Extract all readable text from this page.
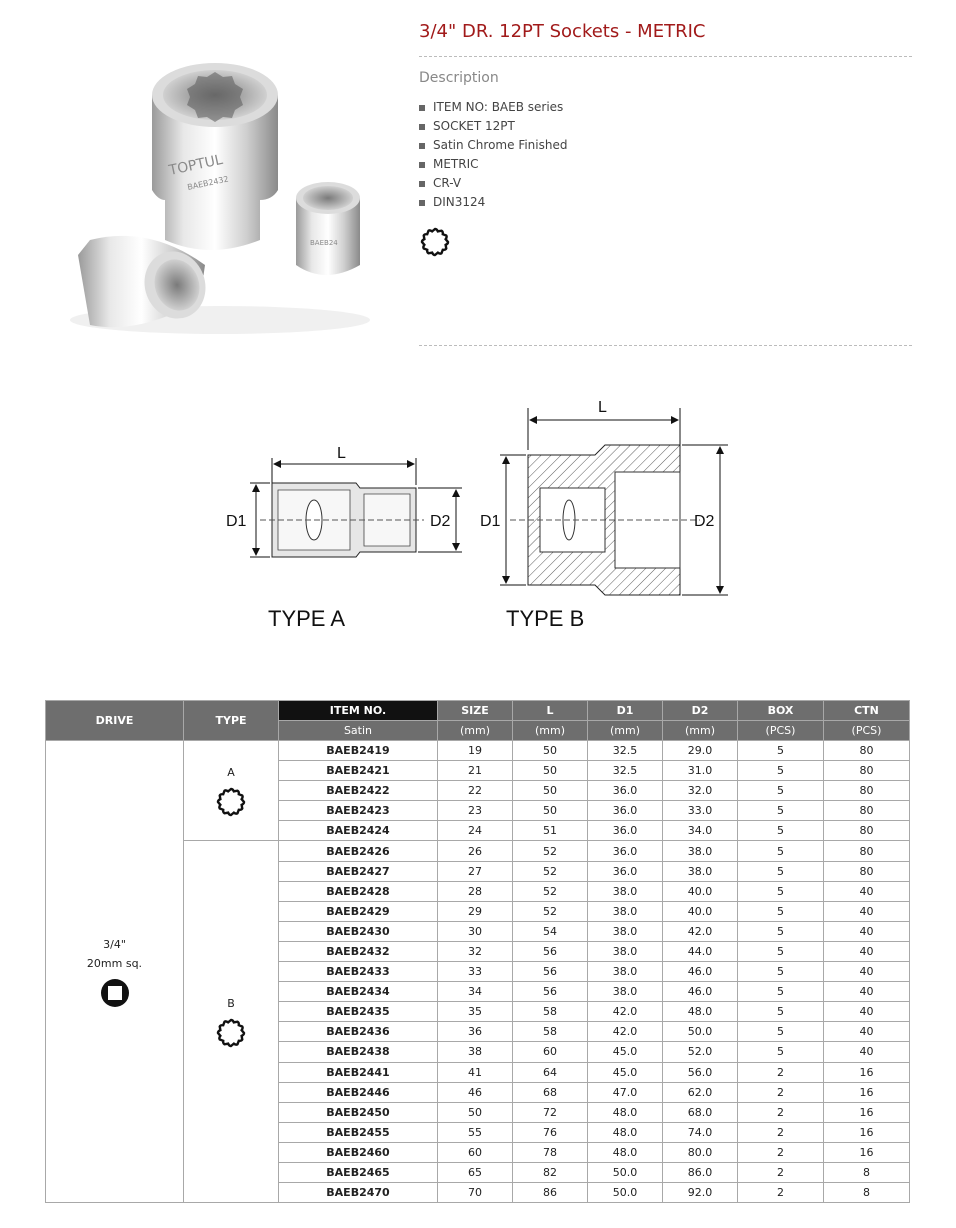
TOPTUL
BAEB2432
BAEB24
3/4" DR. 12PT Sockets - METRIC
Description
ITEM NO: BAEB series
SOCKET 12PT
Satin Chrome Finished
METRIC
CR-V
DIN3124
L
D1	D2
TYPE A
L
D1	D2
TYPE B
DRIVE	TYPE	ITEM NO.	SIZE	L	D1	D2	BOX	CTN
		Satin	(mm)	(mm)	(mm)	(mm)	(PCS)	(PCS)

3/4"
20mm sq.	A	BAEB2419	19	50	32.5	29.0	5	80
		BAEB2421	21	50	32.5	31.0	5	80
		BAEB2422	22	50	36.0	32.0	5	80
		BAEB2423	23	50	36.0	33.0	5	80
		BAEB2424	24	51	36.0	34.0	5	80

	B	BAEB2426	26	52	36.0	38.0	5	80
		BAEB2427	27	52	36.0	38.0	5	80
		BAEB2428	28	52	38.0	40.0	5	40
		BAEB2429	29	52	38.0	40.0	5	40
		BAEB2430	30	54	38.0	42.0	5	40
		BAEB2432	32	56	38.0	44.0	5	40
		BAEB2433	33	56	38.0	46.0	5	40
		BAEB2434	34	56	38.0	46.0	5	40
		BAEB2435	35	58	42.0	48.0	5	40
		BAEB2436	36	58	42.0	50.0	5	40
		BAEB2438	38	60	45.0	52.0	5	40
		BAEB2441	41	64	45.0	56.0	2	16
		BAEB2446	46	68	47.0	62.0	2	16
		BAEB2450	50	72	48.0	68.0	2	16
		BAEB2455	55	76	48.0	74.0	2	16
		BAEB2460	60	78	48.0	80.0	2	16
		BAEB2465	65	82	50.0	86.0	2	8
		BAEB2470	70	86	50.0	92.0	2	8
